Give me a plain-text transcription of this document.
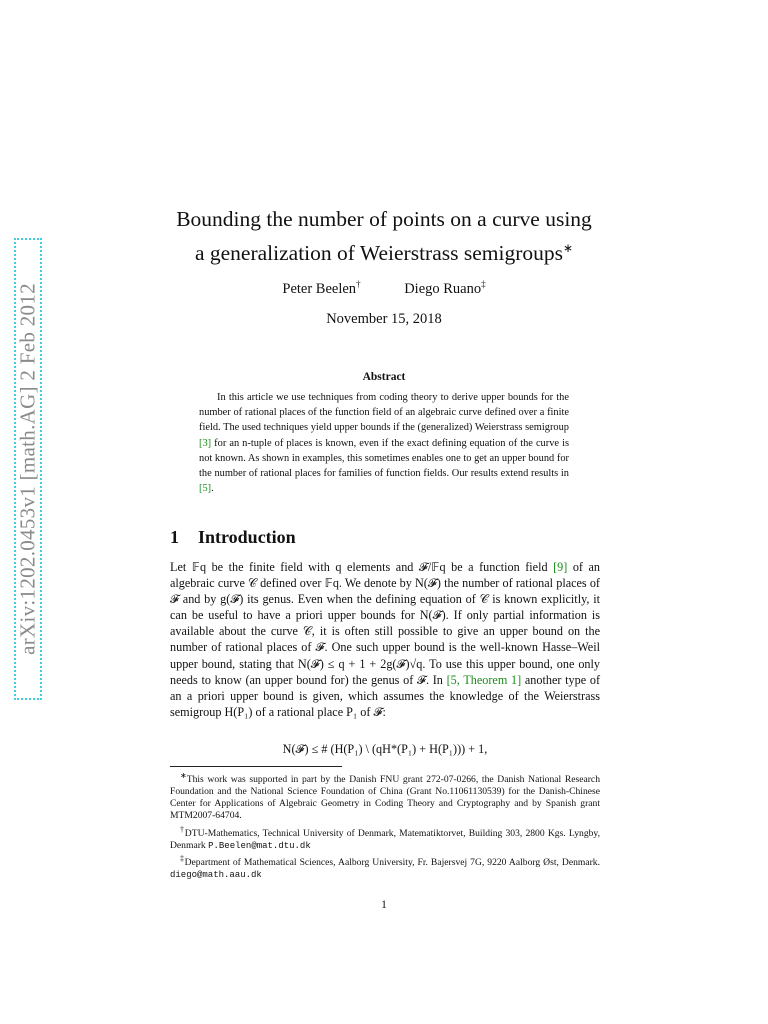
arXiv:1202.0453v1 [math.AG] 2 Feb 2012
Bounding the number of points on a curve using
a generalization of Weierstrass semigroups∗
Peter Beelen†	Diego Ruano‡
November 15, 2018
Abstract
In this article we use techniques from coding theory to derive upper bounds for the number of rational places of the function field of an algebraic curve defined over a finite field. The used techniques yield upper bounds if the (generalized) Weierstrass semigroup [3] for an n-tuple of places is known, even if the exact defining equation of the curve is not known. As shown in examples, this sometimes enables one to get an upper bound for the number of rational places for families of function fields. Our results extend results in [5].
1 Introduction
Let 𝔽q be the finite field with q elements and 𝓕/𝔽q be a function field [9] of an algebraic curve 𝒞 defined over 𝔽q. We denote by N(𝓕) the number of rational places of 𝓕 and by g(𝓕) its genus. Even when the defining equation of 𝒞 is known explicitly, it can be useful to have a priori upper bounds for N(𝓕). If only partial information is available about the curve 𝒞, it is often still possible to give an upper bound on the number of rational places of 𝓕. One such upper bound is the well-known Hasse–Weil upper bound, stating that N(𝓕) ≤ q + 1 + 2g(𝓕)√q. To use this upper bound, one only needs to know (an upper bound for) the genus of 𝓕. In [5, Theorem 1] another type of an a priori upper bound is given, which assumes the knowledge of the Weierstrass semigroup H(P₁) of a rational place P₁ of 𝓕:
N(𝓕) ≤ # (H(P₁) \ (qH*(P₁) + H(P₁))) + 1,

∗This work was supported in part by the Danish FNU grant 272-07-0266, the Danish National Research Foundation and the National Science Foundation of China (Grant No.11061130539) for the Danish-Chinese Center for Applications of Algebraic Geometry in Coding Theory and Cryptography and by Spanish grant MTM2007-64704.

†DTU-Mathematics, Technical University of Denmark, Matematiktorvet, Building 303, 2800 Kgs. Lyngby, Denmark P.Beelen@mat.dtu.dk

‡Department of Mathematical Sciences, Aalborg University, Fr. Bajersvej 7G, 9220 Aalborg Øst, Denmark. diego@math.aau.dk

1
